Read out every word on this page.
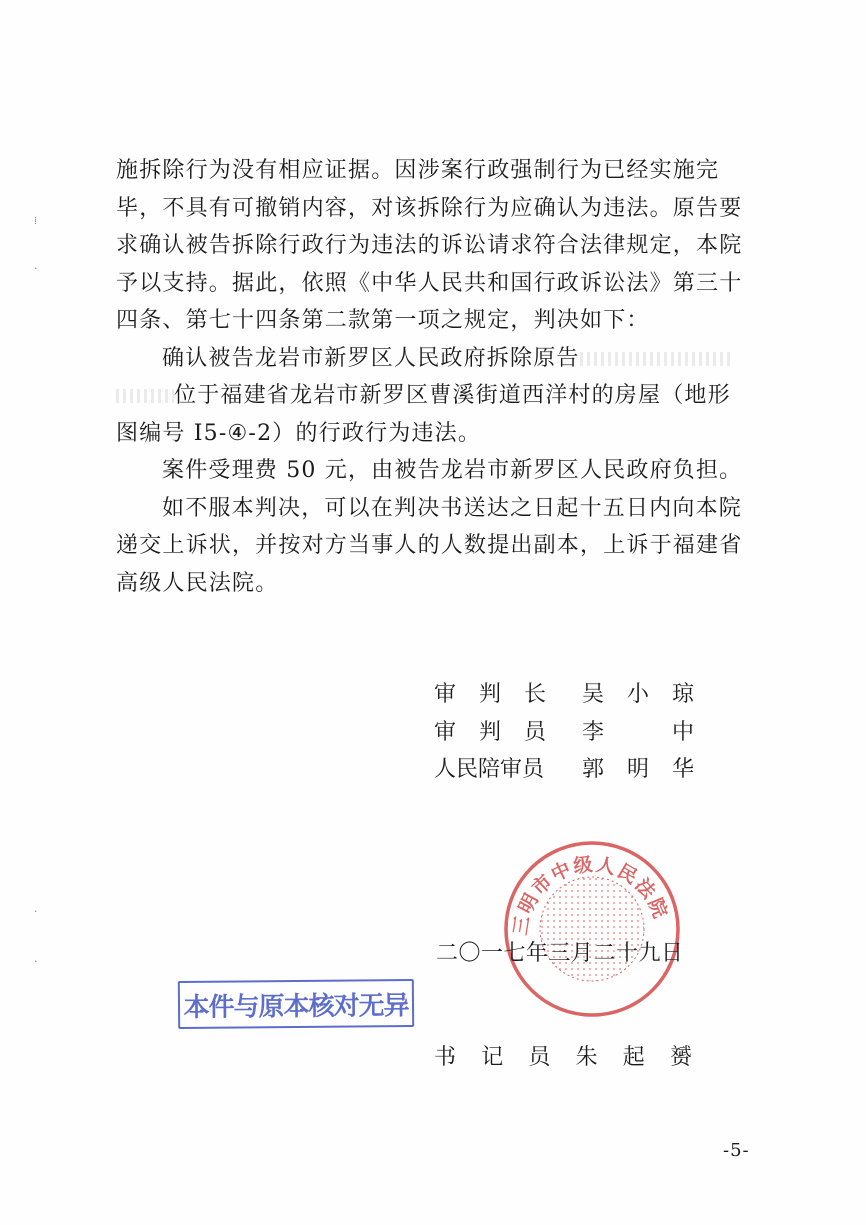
⁞
·
·
·

施拆除行为没有相应证据。因涉案行政强制行为已经实施完毕，不具有可撤销内容，对该拆除行为应确认为违法。原告要求确认被告拆除行政行为违法的诉讼请求符合法律规定，本院予以支持。据此，依照《中华人民共和国行政诉讼法》第三十四条、第七十四条第二款第一项之规定，判决如下：

确认被告龙岩市新罗区人民政府拆除原告
位于福建省龙岩市新罗区曹溪街道西洋村的房屋（地形图编号 I5-④-2）的行政行为违法。

案件受理费 50 元，由被告龙岩市新罗区人民政府负担。

如不服本判决，可以在判决书送达之日起十五日内向本院递交上诉状，并按对方当事人的人数提出副本，上诉于福建省高级人民法院。

审 判 长 吴 小 琼
审 判 员 李	中
人民陪审员	郭 明 华
三明市中级人民法院
二〇一七年三月二十九日
本件与原本核对无异
书 记 员 朱 起 赟
-5-
